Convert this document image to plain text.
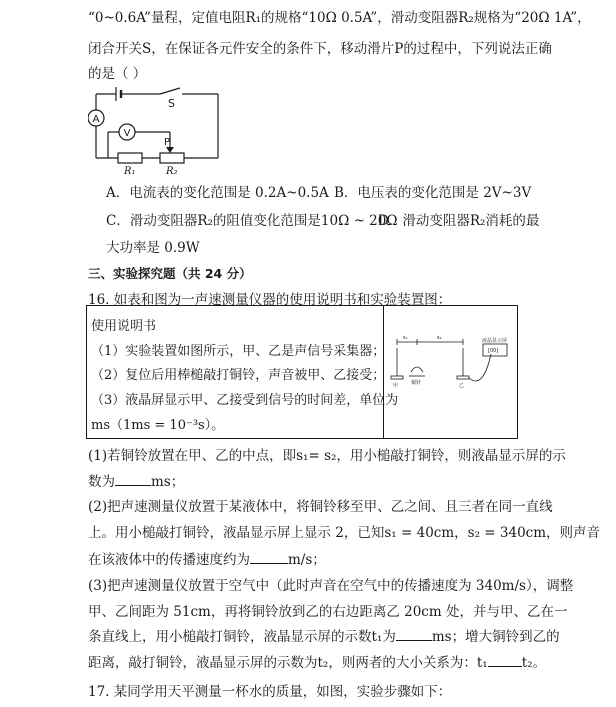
“0~0.6A”量程，定值电阻R₁的规格“10Ω 0.5A”，滑动变阻器R₂规格为“20Ω 1A”，
闭合开关S，在保证各元件安全的条件下，移动滑片P的过程中，下列说法正确
的是（ ）
A
V
S
P
R₁	R₂
A．电流表的变化范围是 0.2A~0.5A B．电压表的变化范围是 2V~3V
C．滑动变阻器R₂的阻值变化范围是10Ω ~ 20Ω
D．滑动变阻器R₂消耗的最
大功率是 0.9W
三、实验探究题（共 24 分）
16. 如表和图为一声速测量仪器的使用说明书和实验装置图：
使用说明书
（1）实验装置如图所示，甲、乙是声信号采集器；
（2）复位后用棒槌敲打铜铃，声音被甲、乙接受；
（3）液晶屏显示甲、乙接受到信号的时间差，单位为
ms（1ms = 10⁻³s）。
s₁	s₂
甲	铜铃	乙
液晶显示屏
[00]
(1)若铜铃放置在甲、乙的中点，即s₁= s₂，用小槌敲打铜铃，则液晶显示屏的示
数为	ms；
(2)把声速测量仪放置于某液体中，将铜铃移至甲、乙之间、且三者在同一直线
上。用小槌敲打铜铃，液晶显示屏上显示 2，已知s₁ = 40cm，s₂ = 340cm，则声音
在该液体中的传播速度约为	m/s；
(3)把声速测量仪放置于空气中（此时声音在空气中的传播速度为 340m/s），调整
甲、乙间距为 51cm，再将铜铃放到乙的右边距离乙 20cm 处，并与甲、乙在一
条直线上，用小槌敲打铜铃，液晶显示屏的示数t₁为	ms；增大铜铃到乙的
距离，敲打铜铃，液晶显示屏的示数为t₂，则两者的大小关系为：t₁	t₂。
17. 某同学用天平测量一杯水的质量，如图，实验步骤如下：
